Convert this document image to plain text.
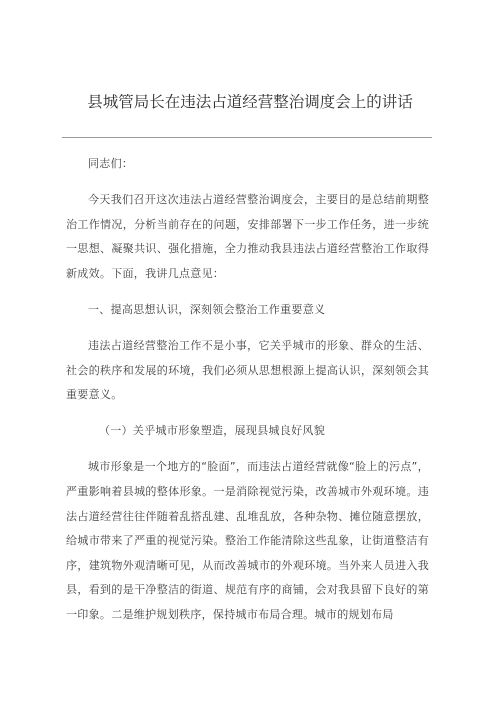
县城管局长在违法占道经营整治调度会上的讲话

同志们：

今天我们召开这次违法占道经营整治调度会，主要目的是总结前期整治工作情况，分析当前存在的问题，安排部署下一步工作任务，进一步统一思想、凝聚共识、强化措施，全力推动我县违法占道经营整治工作取得新成效。下面，我讲几点意见：

一、提高思想认识，深刻领会整治工作重要意义

违法占道经营整治工作不是小事，它关乎城市的形象、群众的生活、社会的秩序和发展的环境，我们必须从思想根源上提高认识，深刻领会其重要意义。

（一）关乎城市形象塑造，展现县城良好风貌

城市形象是一个地方的“脸面”，而违法占道经营就像“脸上的污点”，严重影响着县城的整体形象。一是消除视觉污染，改善城市外观环境。违法占道经营往往伴随着乱搭乱建、乱堆乱放，各种杂物、摊位随意摆放，给城市带来了严重的视觉污染。整治工作能清除这些乱象，让街道整洁有序，建筑物外观清晰可见，从而改善城市的外观环境。当外来人员进入我县，看到的是干净整洁的街道、规范有序的商铺，会对我县留下良好的第一印象。二是维护规划秩序，保持城市布局合理。城市的规划布局
